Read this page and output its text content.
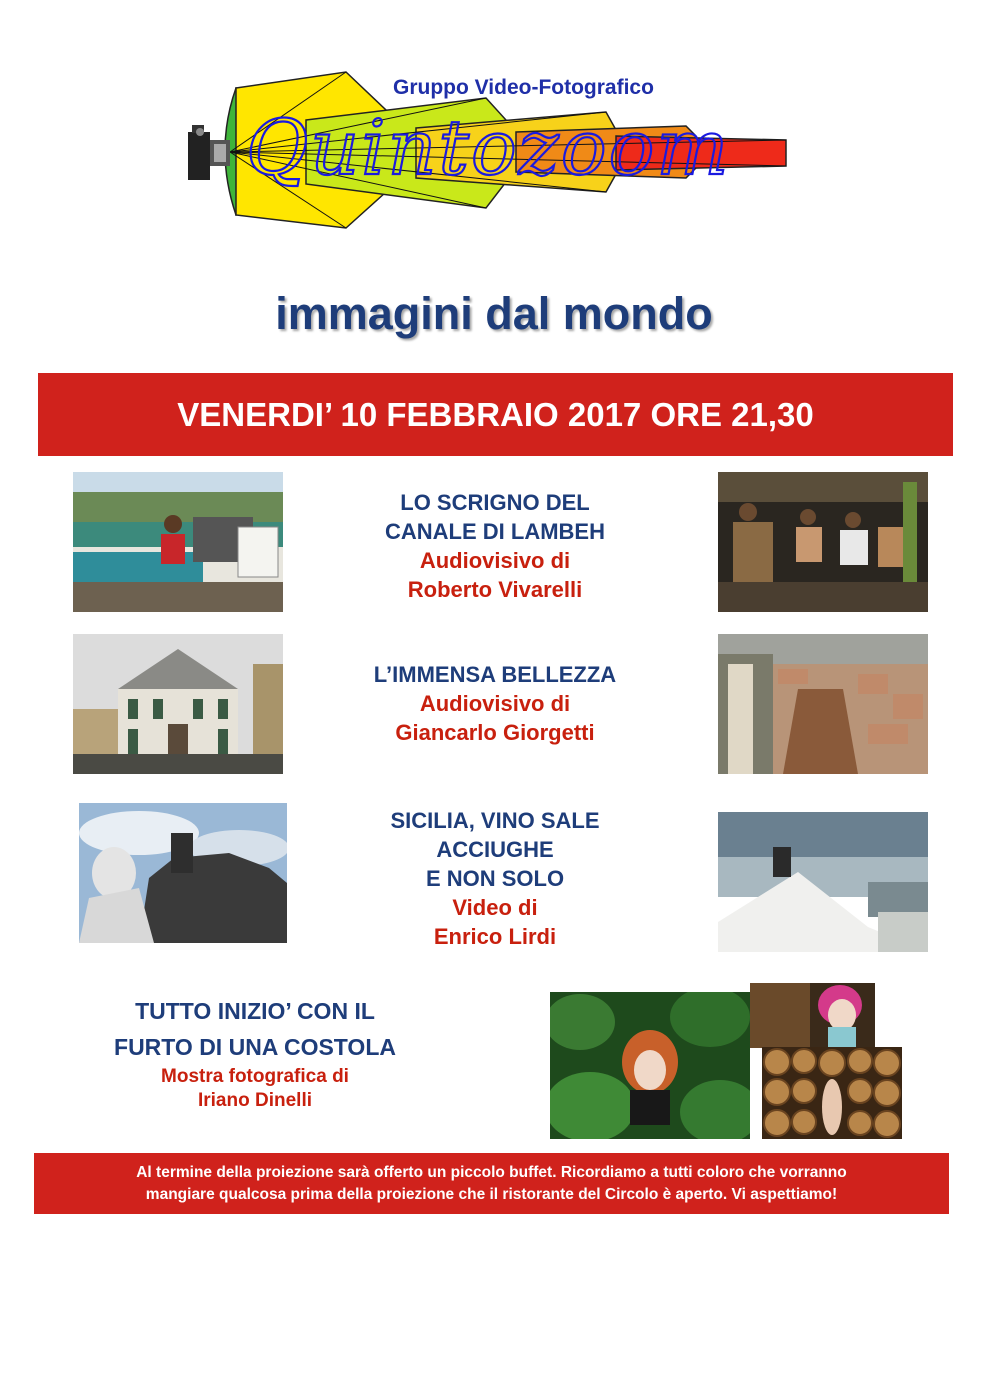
Quintozoom
Gruppo Video-Fotografico
immagini dal mondo
VENERDI’ 10 FEBBRAIO 2017 ORE 21,30
LO SCRIGNO DEL
CANALE DI LAMBEH
Audiovisivo di
Roberto Vivarelli
L’IMMENSA BELLEZZA
Audiovisivo di
Giancarlo Giorgetti
SICILIA, VINO SALE
ACCIUGHE
E NON SOLO
Video di
Enrico Lirdi
TUTTO INIZIO’ CON IL
FURTO DI UNA COSTOLA
Mostra fotografica di
Iriano Dinelli
Al termine della proiezione sarà offerto un piccolo buffet. Ricordiamo a tutti coloro che vorranno
mangiare qualcosa prima della proiezione che il ristorante del Circolo è aperto. Vi aspettiamo!
